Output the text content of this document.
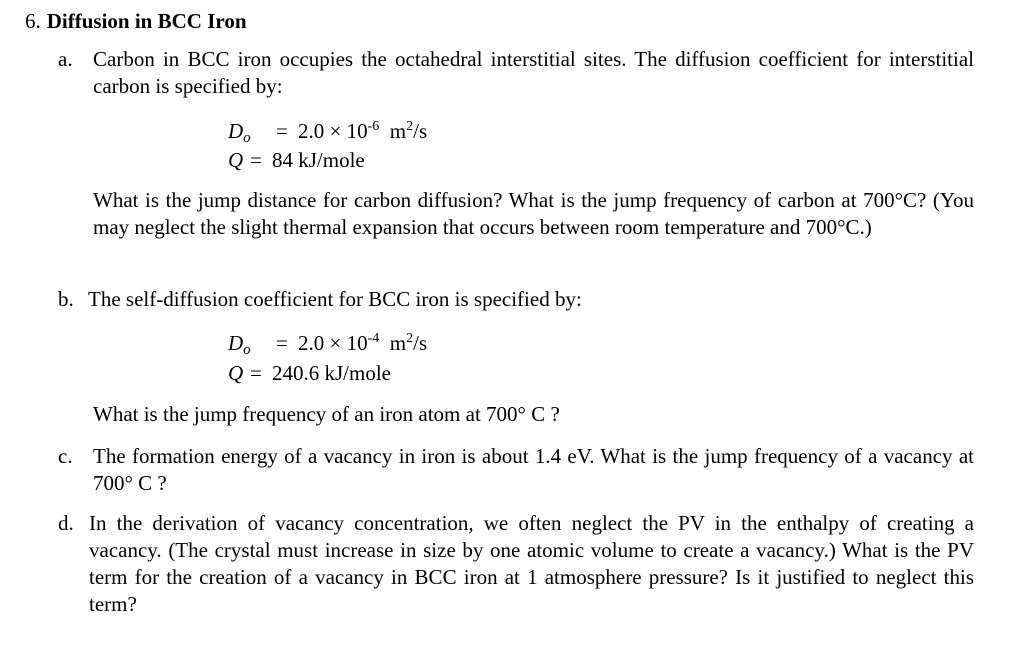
6. Diffusion in BCC Iron
a. Carbon in BCC iron occupies the octahedral interstitial sites. The diffusion coefficient for interstitial carbon is specified by:
$D_o = 2.0 \times 10^{-6}$ $m^2/s$
Q = 84 kJ/mole
What is the jump distance for carbon diffusion? What is the jump frequency of carbon at 700°C? (You may neglect the slight thermal expansion that occurs between room temperature and 700°C.)
b. The self-diffusion coefficient for BCC iron is specified by:
$D_o = 2.0 \times 10^{-4}$ $m^2/s$
Q = 240.6 kJ/mole
What is the jump frequency of an iron atom at 700° C ?
c. The formation energy of a vacancy in iron is about 1.4 eV. What is the jump frequency of a vacancy at 700° C ?
d. In the derivation of vacancy concentration, we often neglect the PV in the enthalpy of creating a vacancy. (The crystal must increase in size by one atomic volume to create a vacancy.) What is the PV term for the creation of a vacancy in BCC iron at 1 atmosphere pressure? Is it justified to neglect this term?
